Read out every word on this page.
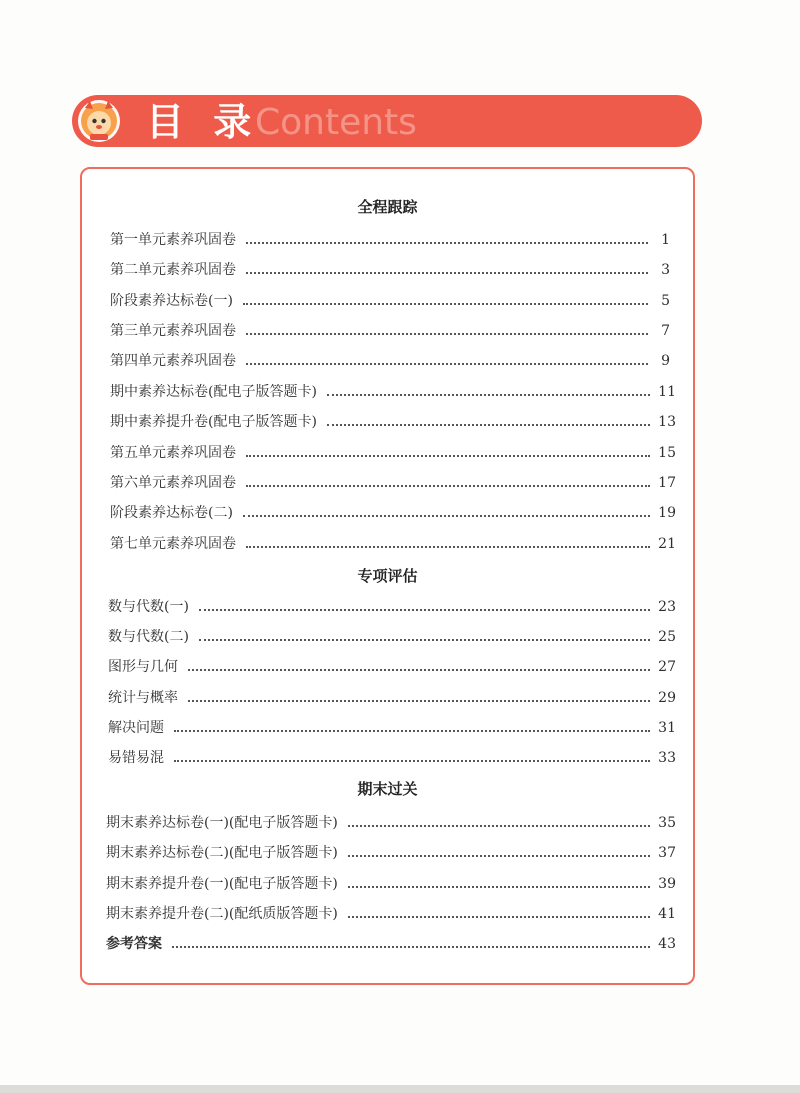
目 录
Contents
全程跟踪
第一单元素养巩固卷	1
第二单元素养巩固卷	3
阶段素养达标卷(一)	5
第三单元素养巩固卷	7
第四单元素养巩固卷	9
期中素养达标卷(配电子版答题卡)	11
期中素养提升卷(配电子版答题卡)	13
第五单元素养巩固卷	15
第六单元素养巩固卷	17
阶段素养达标卷(二)	19
第七单元素养巩固卷	21
专项评估
数与代数(一)	23
数与代数(二)	25
图形与几何	27
统计与概率	29
解决问题	31
易错易混	33
期末过关
期末素养达标卷(一)(配电子版答题卡)	35
期末素养达标卷(二)(配电子版答题卡)	37
期末素养提升卷(一)(配电子版答题卡)	39
期末素养提升卷(二)(配纸质版答题卡)	41
参考答案	43
